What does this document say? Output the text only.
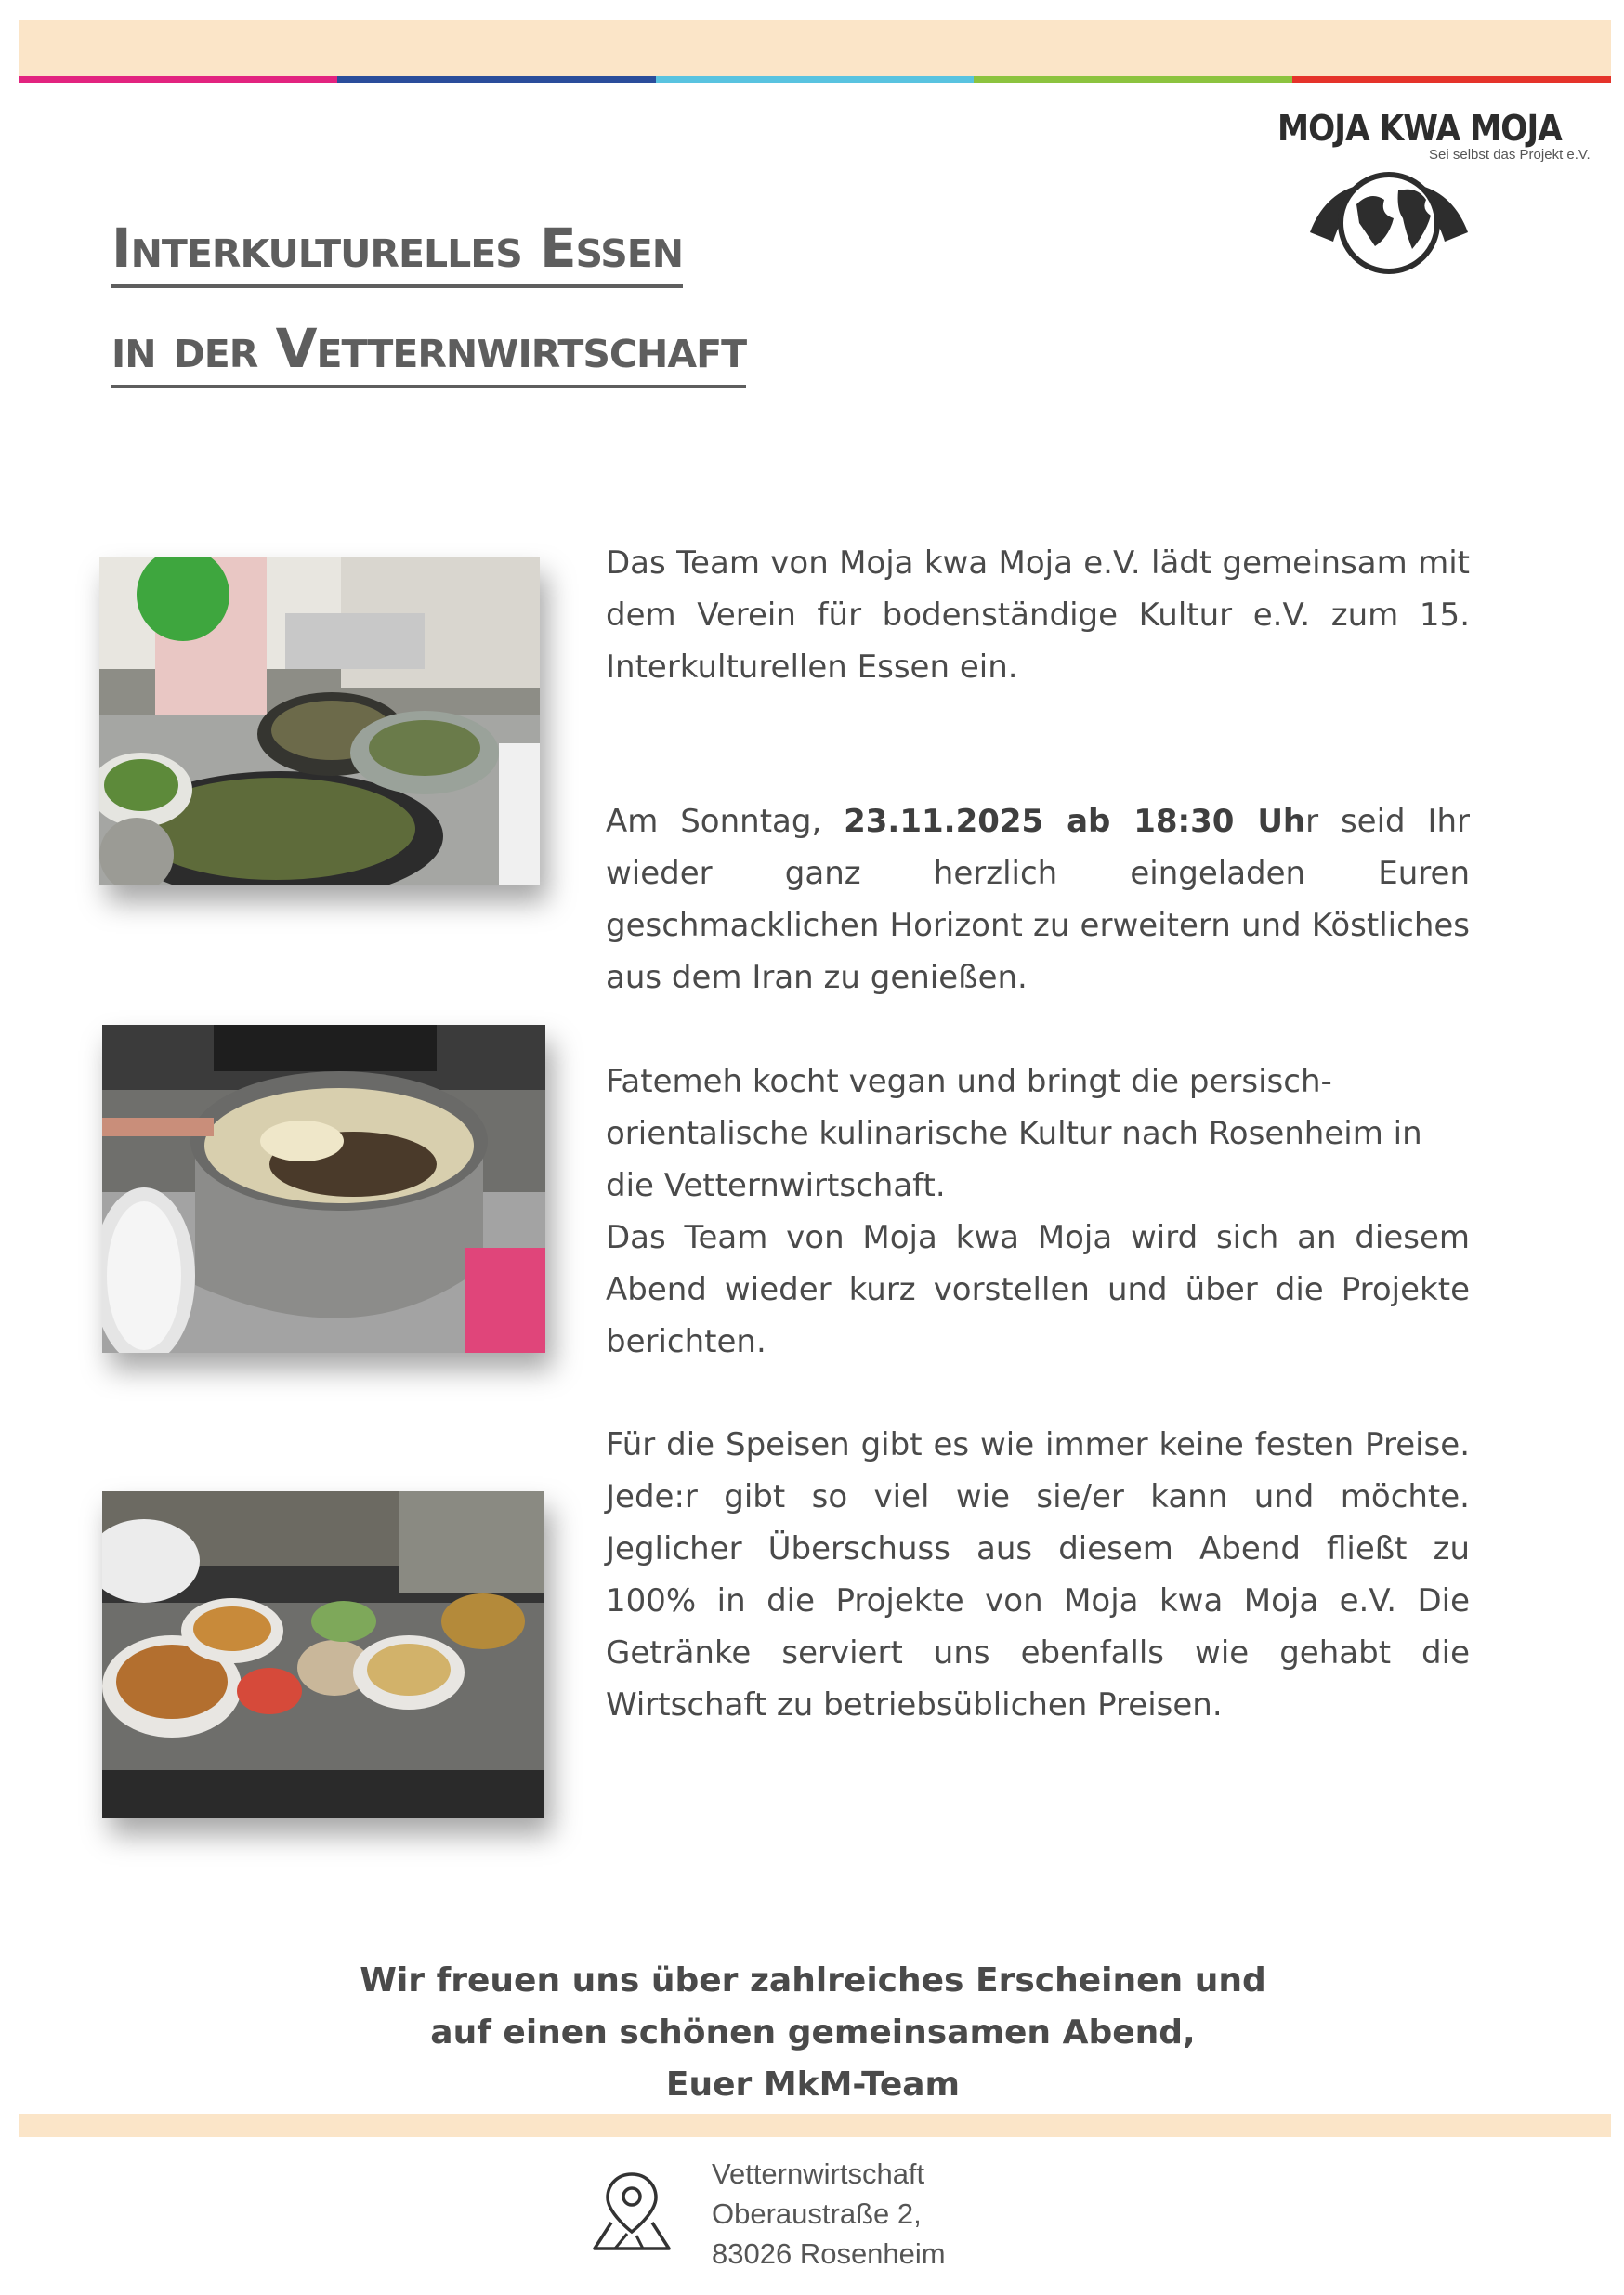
MOJA KWA MOJA
Sei selbst das Projekt e.V.
Interkulturelles Essen
in der Vetternwirtschaft
Das Team von Moja kwa Moja e.V. lädt gemeinsam mit dem Verein für bodenständige Kultur e.V. zum 15. Interkulturellen Essen ein.
Am Sonntag, 23.11.2025 ab 18:30 Uhr seid Ihr wieder ganz herzlich eingeladen Euren geschmacklichen Horizont zu erweitern und Köstliches aus dem Iran zu genießen.
Fatemeh kocht vegan und bringt die persisch-orientalische kulinarische Kultur nach Rosenheim in die Vetternwirtschaft.
Das Team von Moja kwa Moja wird sich an diesem Abend wieder kurz vorstellen und über die Projekte berichten.
Für die Speisen gibt es wie immer keine festen Preise. Jede:r gibt so viel wie sie/er kann und möchte. Jeglicher Überschuss aus diesem Abend fließt zu 100% in die Projekte von Moja kwa Moja e.V. Die Getränke serviert uns ebenfalls wie gehabt die Wirtschaft zu betriebsüblichen Preisen.
Wir freuen uns über zahlreiches Erscheinen und
auf einen schönen gemeinsamen Abend,
Euer MkM-Team
Vetternwirtschaft
Oberaustraße 2,
83026 Rosenheim
